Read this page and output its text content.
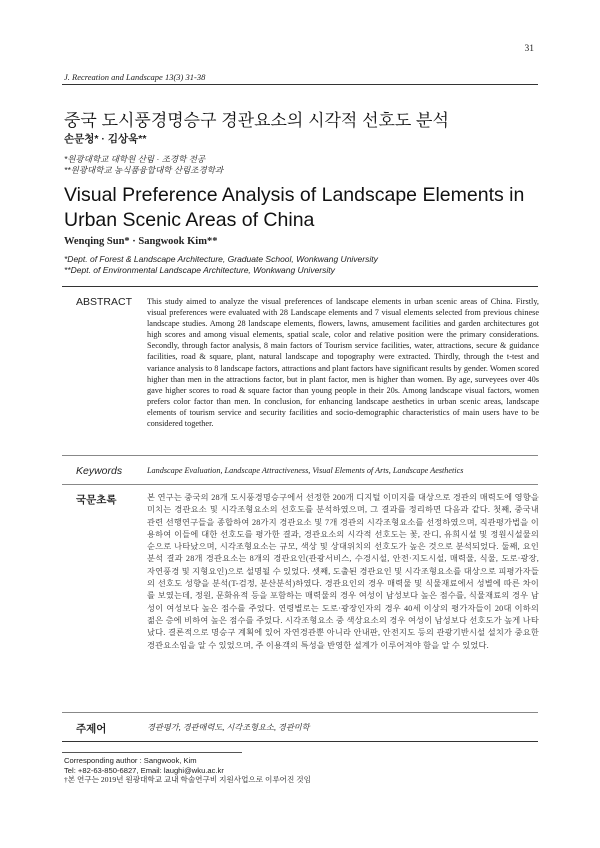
31
J. Recreation and Landscape 13(3) 31-38
중국 도시풍경명승구 경관요소의 시각적 선호도 분석
손문청* · 김상욱**
*원광대학교 대학원 산림 · 조경학 전공
**원광대학교 농식품융합대학 산림조경학과
Visual Preference Analysis of Landscape Elements in Urban Scenic Areas of China
Wenqing Sun* · Sangwook Kim**
*Dept. of Forest & Landscape Architecture, Graduate School, Wonkwang University
**Dept. of Environmental Landscape Architecture, Wonkwang University
ABSTRACT This study aimed to analyze the visual preferences of landscape elements in urban scenic areas of China. Firstly, visual preferences were evaluated with 28 Landscape elements and 7 visual elements selected from previous chinese landscape studies. Among 28 landscape elements, flowers, lawns, amusement facilities and garden architectures got high scores and among visual elements, spatial scale, color and relative position were the primary considerations. Secondly, through factor analysis, 8 main factors of Tourism service facilities, water, attractions, secure & guidance facilities, road & square, plant, natural landscape and topography were extracted. Thirdly, through the t-test and variance analysis to 8 landscape factors, attractions and plant factors have significant results by gender. Women scored higher than men in the attractions factor, but in plant factor, men is higher than women. By age, surveyees over 40s gave higher scores to road & square factor than young people in their 20s. Among landscape visual factors, women prefers color factor than men. In conclusion, for enhancing landscape aesthetics in urban scenic areas, landscape elements of tourism service and security facilities and socio-demographic characteristics of main users have to be considered together.
Keywords	Landscape Evaluation, Landscape Attractiveness, Visual Elements of Arts, Landscape Aesthetics
국문초록	본 연구는 중국의 28개 도시풍경명승구에서 선정한 200개 디지털 이미지를 대상으로 경관의 매력도에 영향을 미치는 경관요소 및 시각조형요소의 선호도를 분석하였으며, 그 결과를 정리하면 다음과 같다. 첫째, 중국내 관련 선행연구들을 종합하여 28가지 경관요소 및 7개 경관의 시각조형요소를 선정하였으며, 직관평가법을 이용하여 이들에 대한 선호도를 평가한 결과, 경관요소의 시각적 선호도는 꽃, 잔디, 유희시설 및 정원시설물의 순으로 나타났으며, 시각조형요소는 규모, 색상 및 상대위치의 선호도가 높은 것으로 분석되었다. 둘째, 요인분석 결과 28개 경관요소는 8개의 경관요인(관광서비스, 수경시설, 안전·지도시설, 매력물, 식물, 도로·광장, 자연풍경 및 지형요인)으로 설명될 수 있었다. 셋째, 도출된 경관요인 및 시각조형요소를 대상으로 피평가자들의 선호도 성향을 분석(T-검정, 분산분석)하였다. 경관요인의 경우 매력물 및 식물재료에서 성별에 따른 차이를 보였는데, 정원, 문화유적 등을 포함하는 매력물의 경우 여성이 남성보다 높은 점수를, 식물재료의 경우 남성이 여성보다 높은 점수를 주었다. 연령별로는 도로·광장인자의 경우 40세 이상의 평가자들이 20대 이하의 젊은 층에 비하여 높은 점수를 주었다. 시각조형요소 중 색상요소의 경우 여성이 남성보다 선호도가 높게 나타났다. 결론적으로 명승구 계획에 있어 자연경관뿐 아니라 안내판, 안전지도 등의 관광기반시설 설치가 중요한 경관요소임을 알 수 있었으며, 주 이용객의 특성을 반영한 설계가 이루어져야 함을 알 수 있었다.
주제어	경관평가, 경관매력도, 시각조형요소, 경관미학
Corresponding author : Sangwook, Kim
Tel: +82-63-850-6827, Email: laughi@wku.ac.kr
†본 연구는 2019년 원광대학교 교내 학술연구비 지원사업으로 이루어진 것임
